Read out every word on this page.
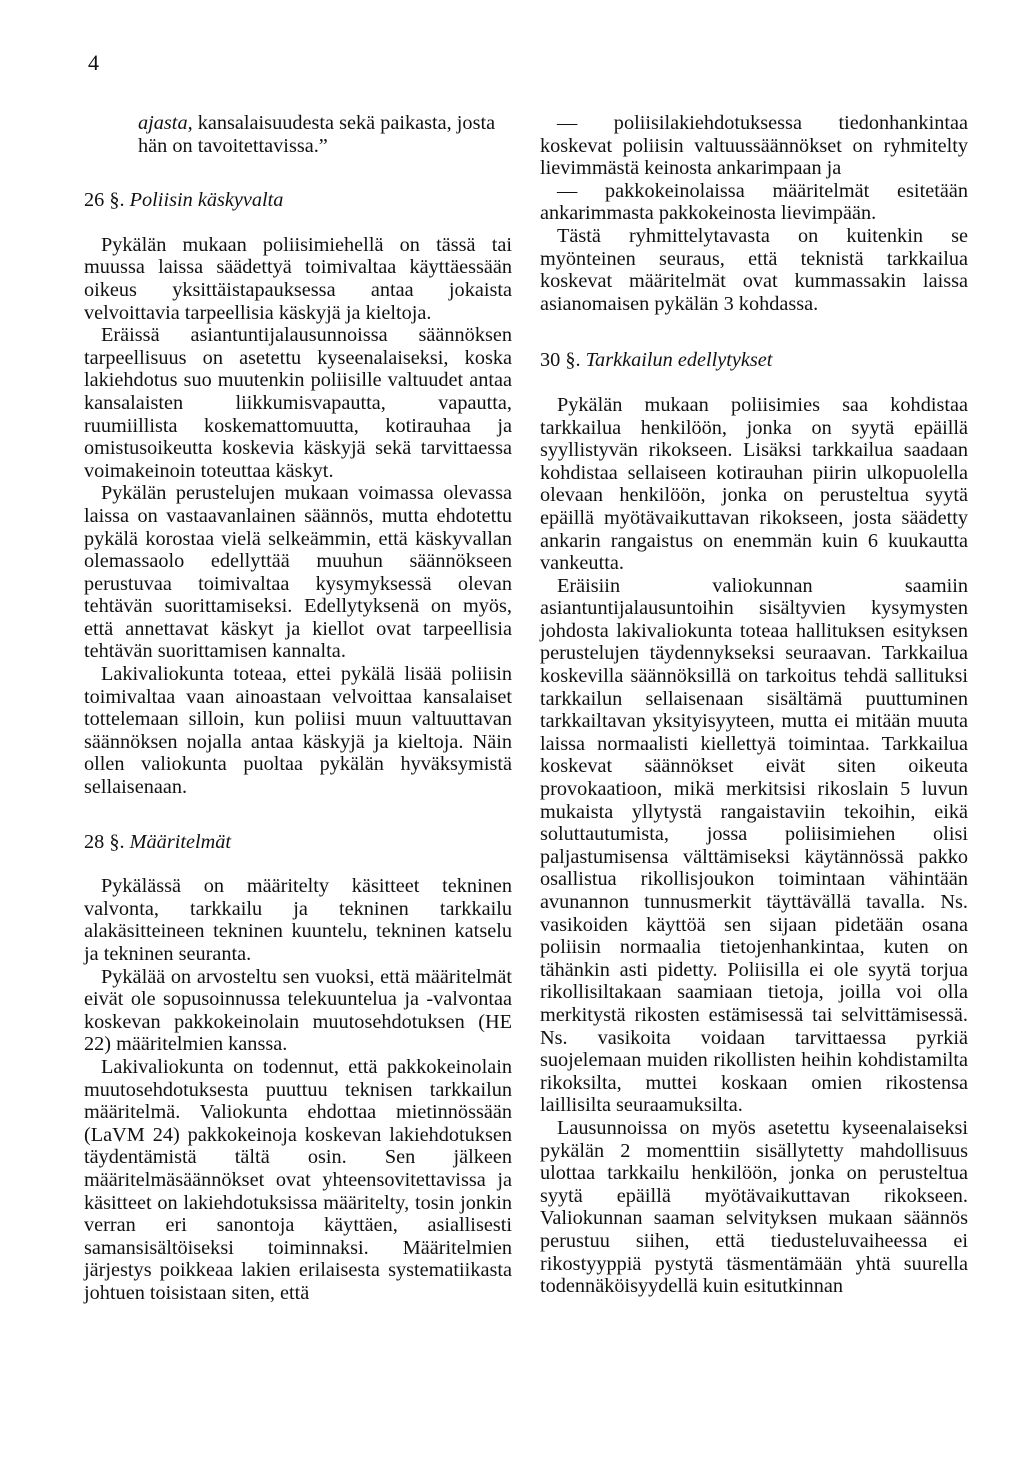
4

ajasta, kansalaisuudesta sekä paikasta, josta hän on tavoitettavissa.”

26 §. Poliisin käskyvalta

Pykälän mukaan poliisimiehellä on tässä tai muussa laissa säädettyä toimivaltaa käyttäessään oikeus yksittäistapauksessa antaa jokaista velvoittavia tarpeellisia käskyjä ja kieltoja.

Eräissä asiantuntijalausunnoissa säännöksen tarpeellisuus on asetettu kyseenalaiseksi, koska lakiehdotus suo muutenkin poliisille valtuudet antaa kansalaisten liikkumisvapautta, vapautta, ruumiillista koskemattomuutta, kotirauhaa ja omistusoikeutta koskevia käskyjä sekä tarvittaessa voimakeinoin toteuttaa käskyt.

Pykälän perustelujen mukaan voimassa olevassa laissa on vastaavanlainen säännös, mutta ehdotettu pykälä korostaa vielä selkeämmin, että käskyvallan olemassaolo edellyttää muuhun säännökseen perustuvaa toimivaltaa kysymyksessä olevan tehtävän suorittamiseksi. Edellytyksenä on myös, että annettavat käskyt ja kiellot ovat tarpeellisia tehtävän suorittamisen kannalta.

Lakivaliokunta toteaa, ettei pykälä lisää poliisin toimivaltaa vaan ainoastaan velvoittaa kansalaiset tottelemaan silloin, kun poliisi muun valtuuttavan säännöksen nojalla antaa käskyjä ja kieltoja. Näin ollen valiokunta puoltaa pykälän hyväksymistä sellaisenaan.

28 §. Määritelmät

Pykälässä on määritelty käsitteet tekninen valvonta, tarkkailu ja tekninen tarkkailu alakäsitteineen tekninen kuuntelu, tekninen katselu ja tekninen seuranta.

Pykälää on arvosteltu sen vuoksi, että määritelmät eivät ole sopusoinnussa telekuuntelua ja -valvontaa koskevan pakkokeinolain muutosehdotuksen (HE 22) määritelmien kanssa.

Lakivaliokunta on todennut, että pakkokeinolain muutosehdotuksesta puuttuu teknisen tarkkailun määritelmä. Valiokunta ehdottaa mietinnössään (LaVM 24) pakkokeinoja koskevan lakiehdotuksen täydentämistä tältä osin. Sen jälkeen määritelmäsäännökset ovat yhteensovitettavissa ja käsitteet on lakiehdotuksissa määritelty, tosin jonkin verran eri sanontoja käyttäen, asiallisesti samansisältöiseksi toiminnaksi. Määritelmien järjestys poikkeaa lakien erilaisesta systematiikasta johtuen toisistaan siten, että

— poliisilakiehdotuksessa tiedonhankintaa koskevat poliisin valtuussäännökset on ryhmitelty lievimmästä keinosta ankarimpaan ja

— pakkokeinolaissa määritelmät esitetään ankarimmasta pakkokeinosta lievimpään.

Tästä ryhmittelytavasta on kuitenkin se myönteinen seuraus, että teknistä tarkkailua koskevat määritelmät ovat kummassakin laissa asianomaisen pykälän 3 kohdassa.

30 §. Tarkkailun edellytykset

Pykälän mukaan poliisimies saa kohdistaa tarkkailua henkilöön, jonka on syytä epäillä syyllistyvän rikokseen. Lisäksi tarkkailua saadaan kohdistaa sellaiseen kotirauhan piirin ulkopuolella olevaan henkilöön, jonka on perusteltua syytä epäillä myötävaikuttavan rikokseen, josta säädetty ankarin rangaistus on enemmän kuin 6 kuukautta vankeutta.

Eräisiin valiokunnan saamiin asiantuntijalausuntoihin sisältyvien kysymysten johdosta lakivaliokunta toteaa hallituksen esityksen perustelujen täydennykseksi seuraavan. Tarkkailua koskevilla säännöksillä on tarkoitus tehdä sallituksi tarkkailun sellaisenaan sisältämä puuttuminen tarkkailtavan yksityisyyteen, mutta ei mitään muuta laissa normaalisti kiellettyä toimintaa. Tarkkailua koskevat säännökset eivät siten oikeuta provokaatioon, mikä merkitsisi rikoslain 5 luvun mukaista yllytystä rangaistaviin tekoihin, eikä soluttautumista, jossa poliisimiehen olisi paljastumisensa välttämiseksi käytännössä pakko osallistua rikollisjoukon toimintaan vähintään avunannon tunnusmerkit täyttävällä tavalla. Ns. vasikoiden käyttöä sen sijaan pidetään osana poliisin normaalia tietojenhankintaa, kuten on tähänkin asti pidetty. Poliisilla ei ole syytä torjua rikollisiltakaan saamiaan tietoja, joilla voi olla merkitystä rikosten estämisessä tai selvittämisessä. Ns. vasikoita voidaan tarvittaessa pyrkiä suojelemaan muiden rikollisten heihin kohdistamilta rikoksilta, muttei koskaan omien rikostensa laillisilta seuraamuksilta.

Lausunnoissa on myös asetettu kyseenalaiseksi pykälän 2 momenttiin sisällytetty mahdollisuus ulottaa tarkkailu henkilöön, jonka on perusteltua syytä epäillä myötävaikuttavan rikokseen. Valiokunnan saaman selvityksen mukaan säännös perustuu siihen, että tiedusteluvaiheessa ei rikostyyppiä pystytä täsmentämään yhtä suurella todennäköisyydellä kuin esitutkinnan
